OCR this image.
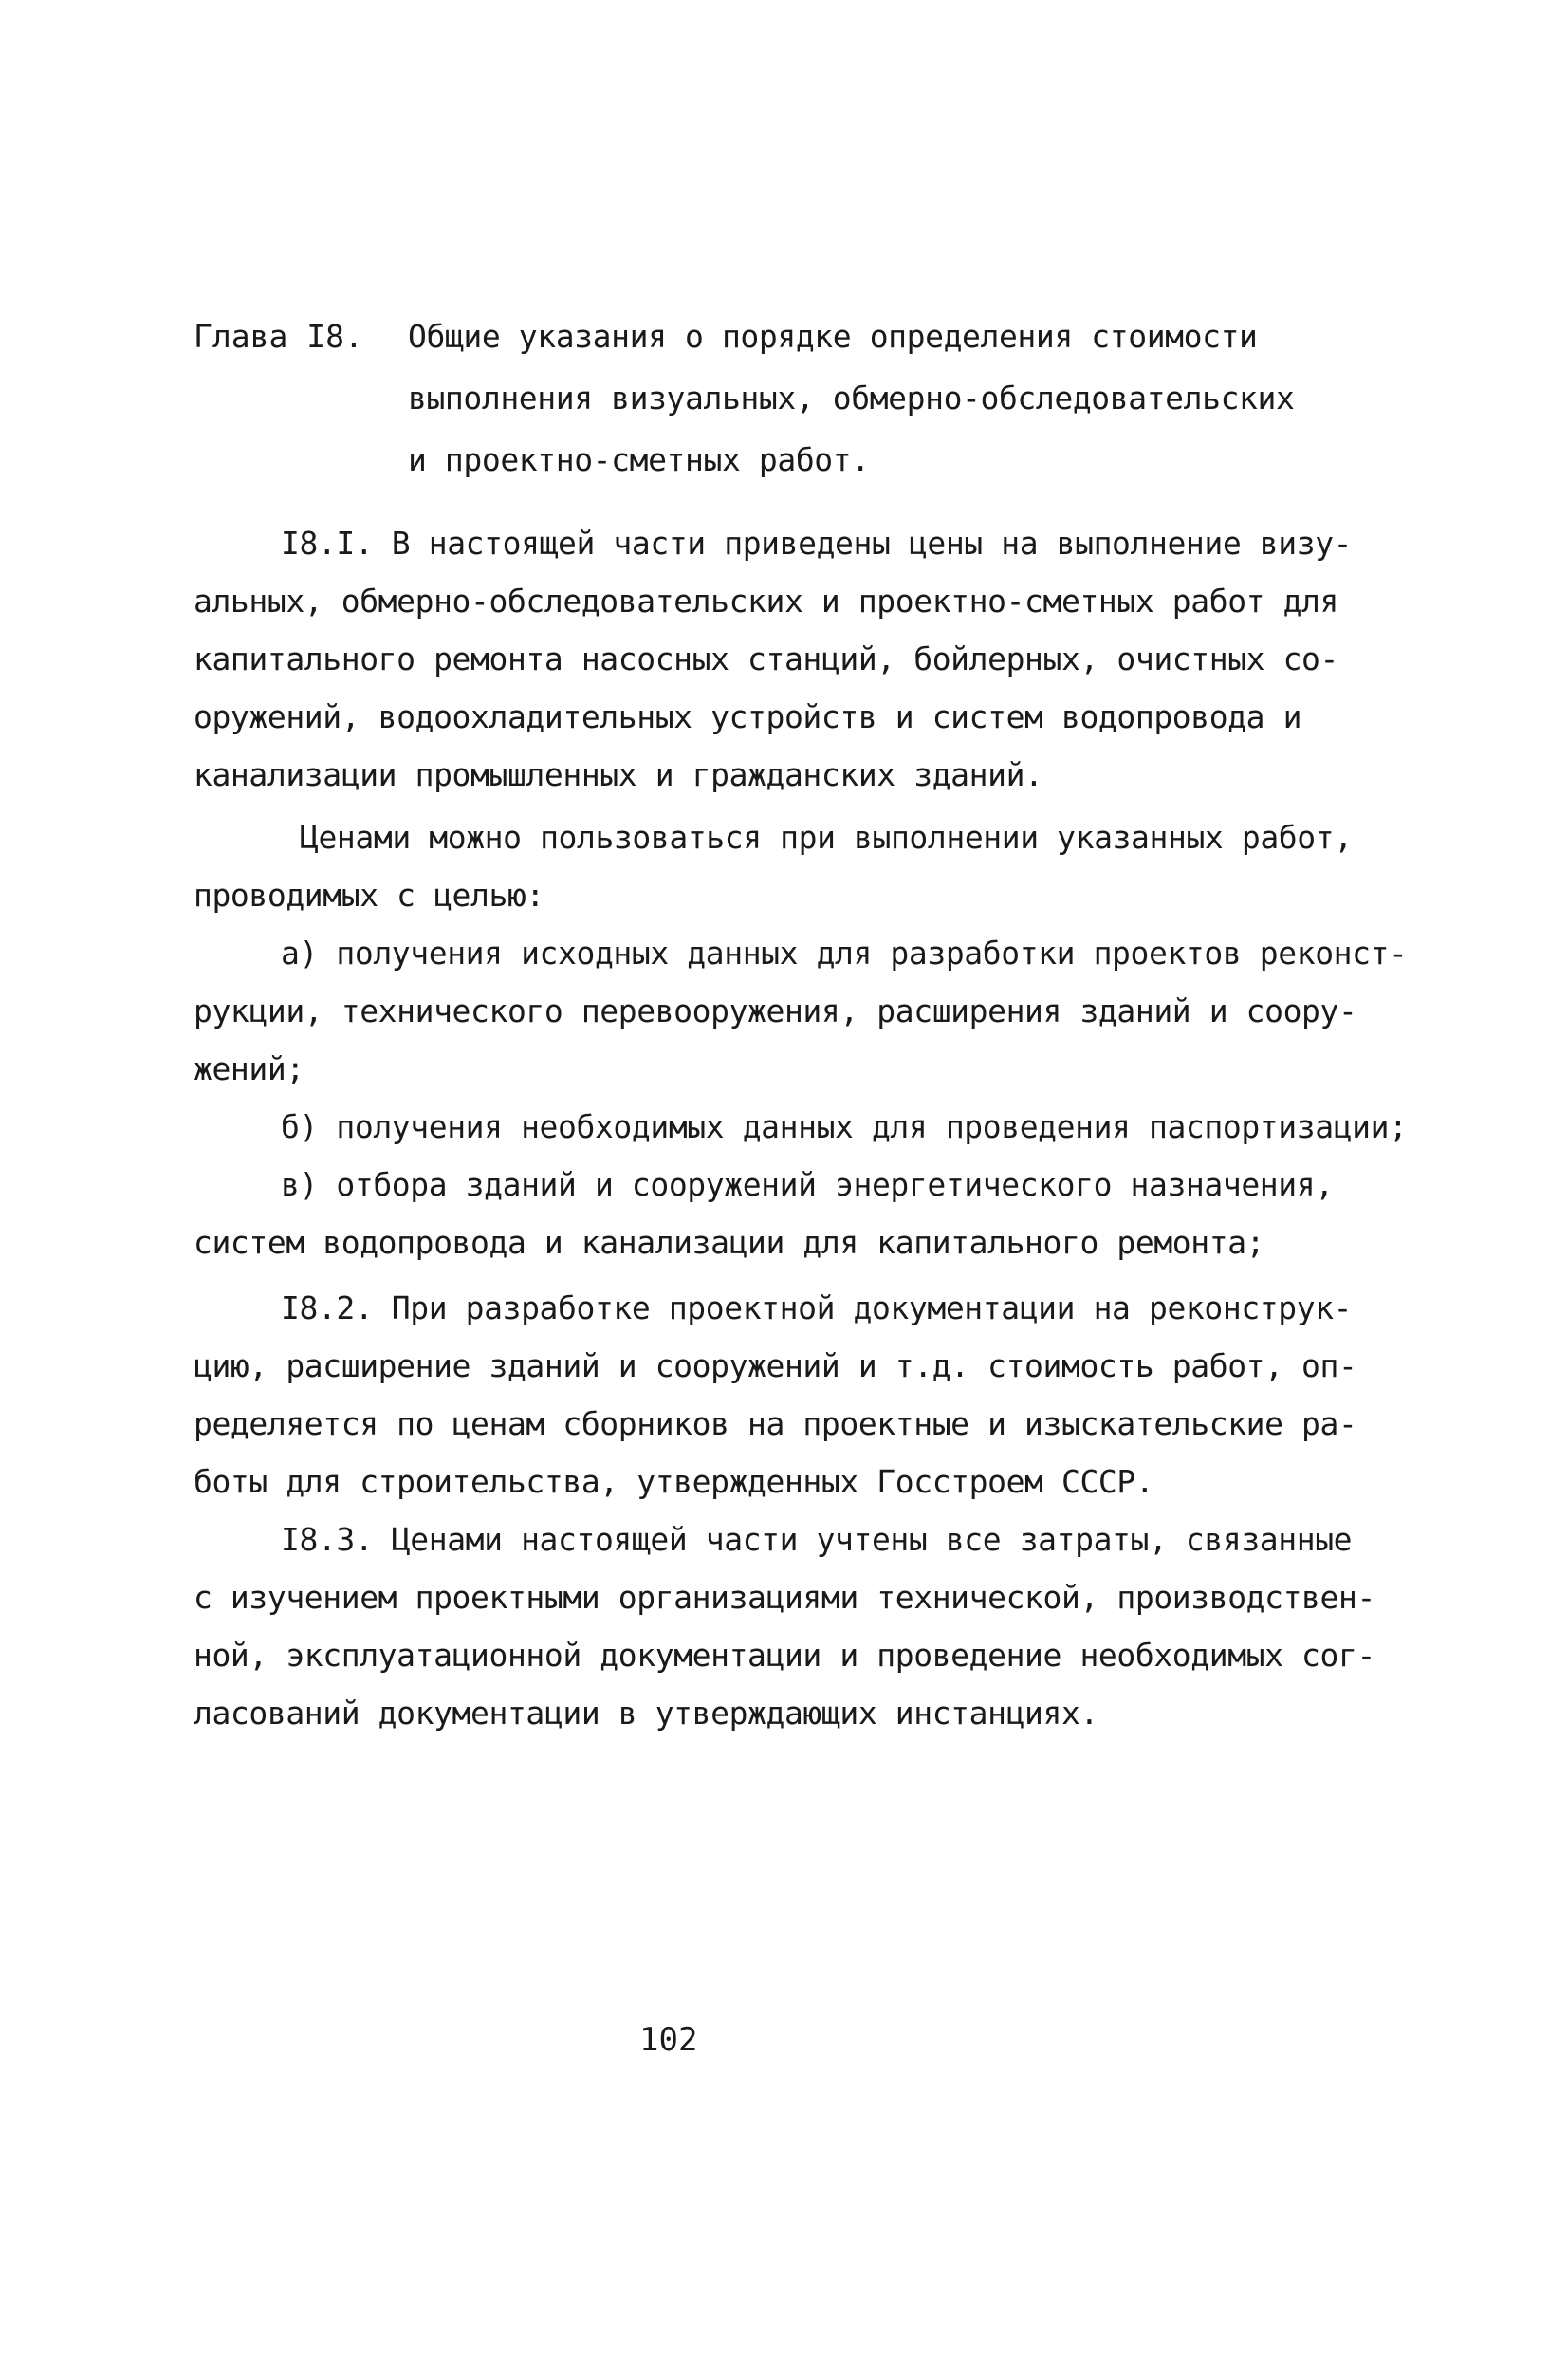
Глава I8. Общие указания о порядке определения стоимости
выполнения визуальных, обмерно-обследовательских
и проектно-сметных работ.
I8.I. В настоящей части приведены цены на выполнение визу-
альных, обмерно-обследовательских и проектно-сметных работ для
капитального ремонта насосных станций, бойлерных, очистных со-
оружений, водоохладительных устройств и систем водопровода и
канализации промышленных и гражданских зданий.
Ценами можно пользоваться при выполнении указанных работ,
проводимых с целью:
а) получения исходных данных для разработки проектов реконст-
рукции, технического перевооружения, расширения зданий и соору-
жений;
б) получения необходимых данных для проведения паспортизации;
в) отбора зданий и сооружений энергетического назначения,
систем водопровода и канализации для капитального ремонта;
I8.2. При разработке проектной документации на реконструк-
цию, расширение зданий и сооружений и т.д. стоимость работ, оп-
ределяется по ценам сборников на проектные и изыскательские ра-
боты для строительства, утвержденных Госстроем СССР.
I8.3. Ценами настоящей части учтены все затраты, связанные
с изучением проектными организациями технической, производствен-
ной, эксплуатационной документации и проведение необходимых сог-
ласований документации в утверждающих инстанциях.
102
